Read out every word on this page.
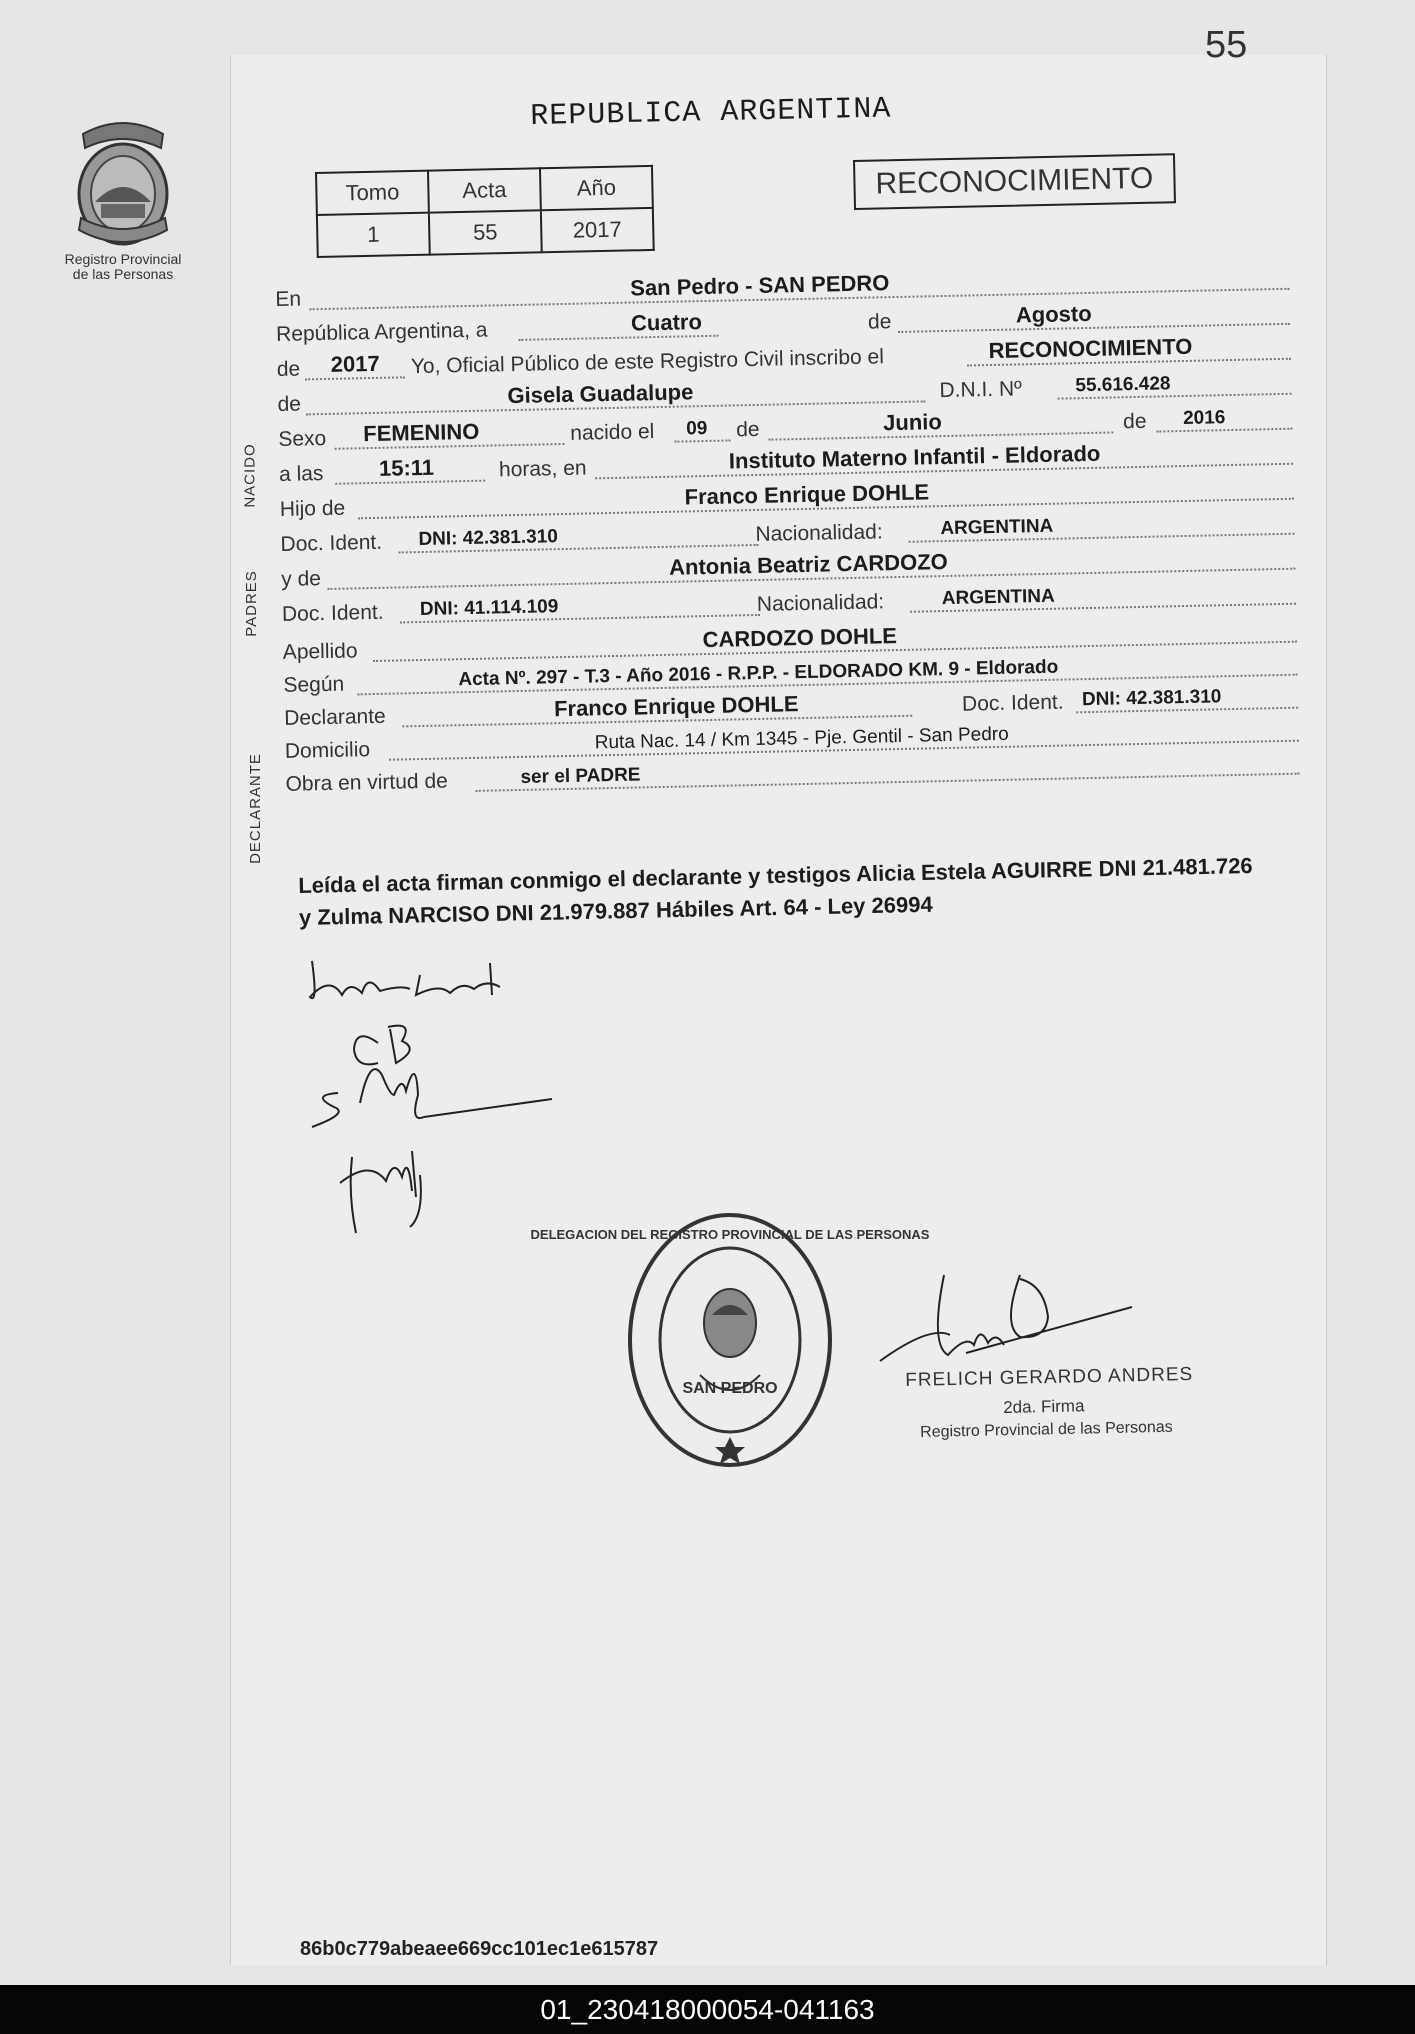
55
Registro Provincial
de las Personas
REPUBLICA ARGENTINA
Tomo	Acta	Año
1	55	2017
RECONOCIMIENTO
NACIDO
PADRES
DECLARANTE
En	San Pedro - SAN PEDRO
República Argentina, a	Cuatro	de	Agosto
de 2017 Yo, Oficial Público de este Registro Civil inscribo el	RECONOCIMIENTO
de	Gisela Guadalupe	D.N.I. Nº	55.616.428
Sexo FEMENINO	nacido el 09 de	Junio	de 2016
a las	15:11	horas, en	Instituto Materno Infantil - Eldorado
Hijo de	Franco Enrique DOHLE
Doc. Ident. DNI: 42.381.310	Nacionalidad:	ARGENTINA
y de	Antonia Beatriz CARDOZO
Doc. Ident. DNI: 41.114.109	Nacionalidad:	ARGENTINA
Apellido	CARDOZO DOHLE
Según	Acta Nº. 297 - T.3 - Año 2016 - R.P.P. - ELDORADO KM. 9 - Eldorado
Declarante	Franco Enrique DOHLE	Doc. Ident. DNI: 42.381.310
Domicilio	Ruta Nac. 14 / Km 1345 - Pje. Gentil - San Pedro
Obra en virtud de	ser el PADRE
Leída el acta firman conmigo el declarante y testigos Alicia Estela AGUIRRE DNI 21.481.726 y Zulma NARCISO DNI 21.979.887 Hábiles Art. 64 - Ley 26994
DELEGACION DEL REGISTRO PROVINCIAL DE LAS PERSONAS
SAN PEDRO	FRELICH GERARDO ANDRES
2da. Firma
Registro Provincial de las Personas
86b0c779abeaee669cc101ec1e615787
01_230418000054-041163
